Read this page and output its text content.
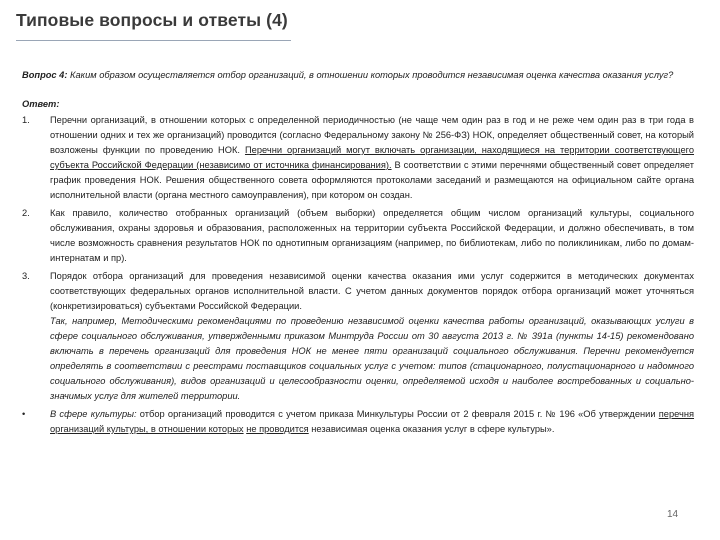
Типовые вопросы и ответы (4)

Вопрос 4: Каким образом осуществляется отбор организаций, в отношении которых проводится независимая оценка качества оказания услуг?

Ответ:

1.	Перечни организаций, в отношении которых с определенной периодичностью (не чаще чем один раз в год и не реже чем один раз в три года в отношении одних и тех же организаций) проводится (согласно Федеральному закону № 256-ФЗ) НОК, определяет общественный совет, на который возложены функции по проведению НОК. Перечни организаций могут включать организации, находящиеся на территории соответствующего субъекта Российской Федерации (независимо от источника финансирования). В соответствии с этими перечнями общественный совет определяет график проведения НОК. Решения общественного совета оформляются протоколами заседаний и размещаются на официальном сайте органа исполнительной власти (органа местного самоуправления), при котором он создан.
2.	Как правило, количество отобранных организаций (объем выборки) определяется общим числом организаций культуры, социального обслуживания, охраны здоровья и образования, расположенных на территории субъекта Российской Федерации, и должно обеспечивать, в том числе возможность сравнения результатов НОК по однотипным организациям (например, по библиотекам, либо по поликлиникам, либо по домам-интернатам и пр).
3.	Порядок отбора организаций для проведения независимой оценки качества оказания ими услуг содержится в методических документах соответствующих федеральных органов исполнительной власти. С учетом данных документов порядок отбора организаций может уточняться (конкретизироваться) субъектами Российской Федерации.

Так, например, Методическими рекомендациями по проведению независимой оценки качества работы организаций, оказывающих услуги в сфере социального обслуживания, утвержденными приказом Минтруда России от 30 августа 2013 г. № 391а (пункты 14-15) рекомендовано включать в перечень организаций для проведения НОК не менее пяти организаций социального обслуживания. Перечни рекомендуется определять в соответствии с реестрами поставщиков социальных услуг с учетом: типов (стационарного, полустационарного и надомного социального обслуживания), видов организаций и целесообразности оценки, определяемой исходя и наиболее востребованных и социально-значимых услуг для жителей территории.

•	В сфере культуры: отбор организаций проводится с учетом приказа Минкультуры России от 2 февраля 2015 г. № 196 «Об утверждении перечня организаций культуры, в отношении которых не проводится независимая оценка оказания услуг в сфере культуры».
14
